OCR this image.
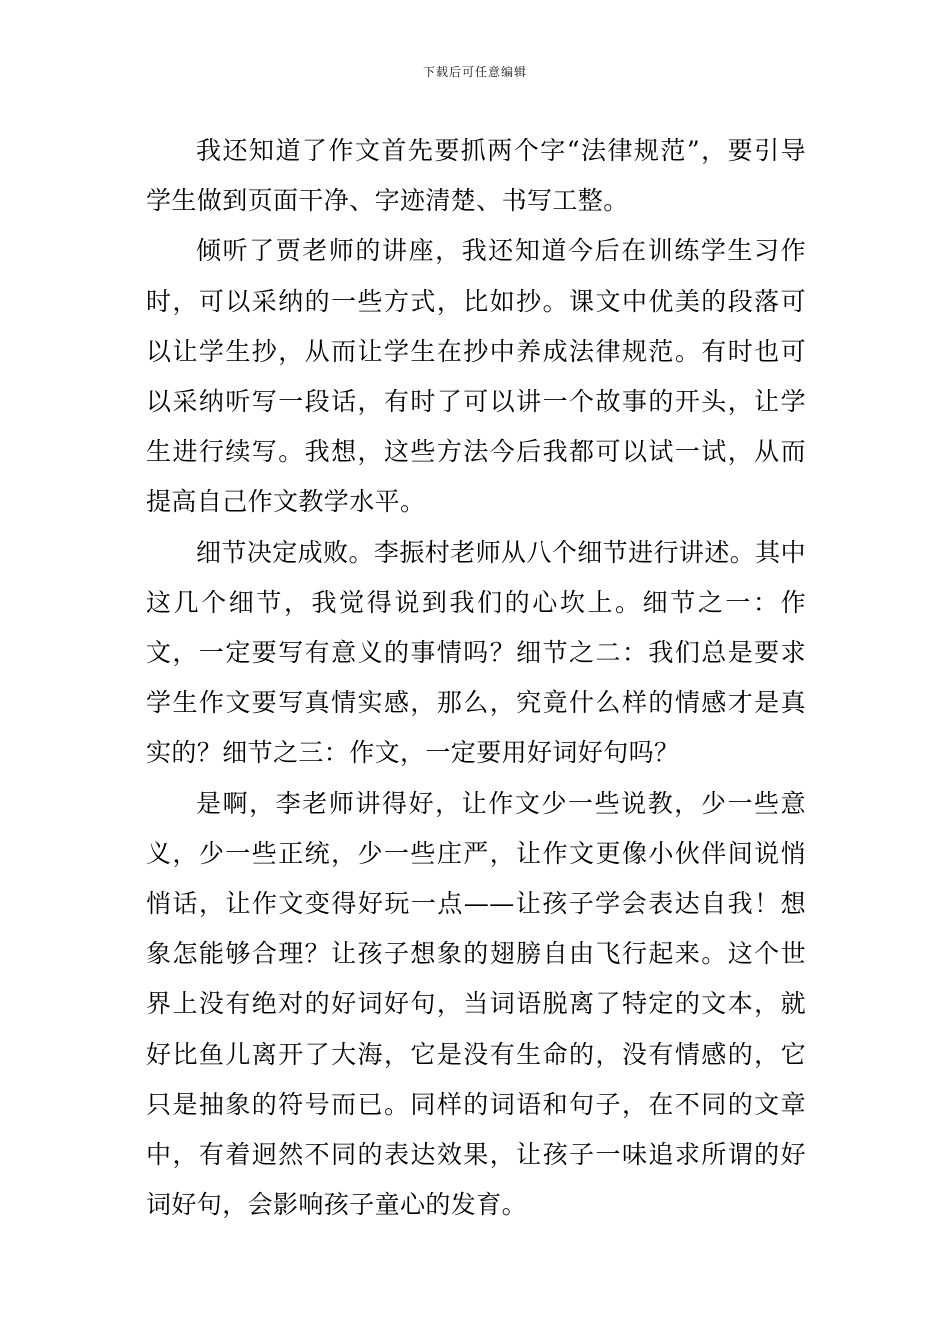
下载后可任意编辑

我还知道了作文首先要抓两个字“法律规范”，要引导学生做到页面干净、字迹清楚、书写工整。

倾听了贾老师的讲座，我还知道今后在训练学生习作时，可以采纳的一些方式，比如抄。课文中优美的段落可以让学生抄，从而让学生在抄中养成法律规范。有时也可以采纳听写一段话，有时了可以讲一个故事的开头，让学生进行续写。我想，这些方法今后我都可以试一试，从而提高自己作文教学水平。

细节决定成败。李振村老师从八个细节进行讲述。其中这几个细节，我觉得说到我们的心坎上。细节之一：作文，一定要写有意义的事情吗？细节之二：我们总是要求学生作文要写真情实感，那么，究竟什么样的情感才是真实的？细节之三：作文，一定要用好词好句吗？

是啊，李老师讲得好，让作文少一些说教，少一些意义，少一些正统，少一些庄严，让作文更像小伙伴间说悄悄话，让作文变得好玩一点——让孩子学会表达自我！想象怎能够合理？让孩子想象的翅膀自由飞行起来。这个世界上没有绝对的好词好句，当词语脱离了特定的文本，就好比鱼儿离开了大海，它是没有生命的，没有情感的，它只是抽象的符号而已。同样的词语和句子，在不同的文章中，有着迥然不同的表达效果，让孩子一味追求所谓的好词好句，会影响孩子童心的发育。
